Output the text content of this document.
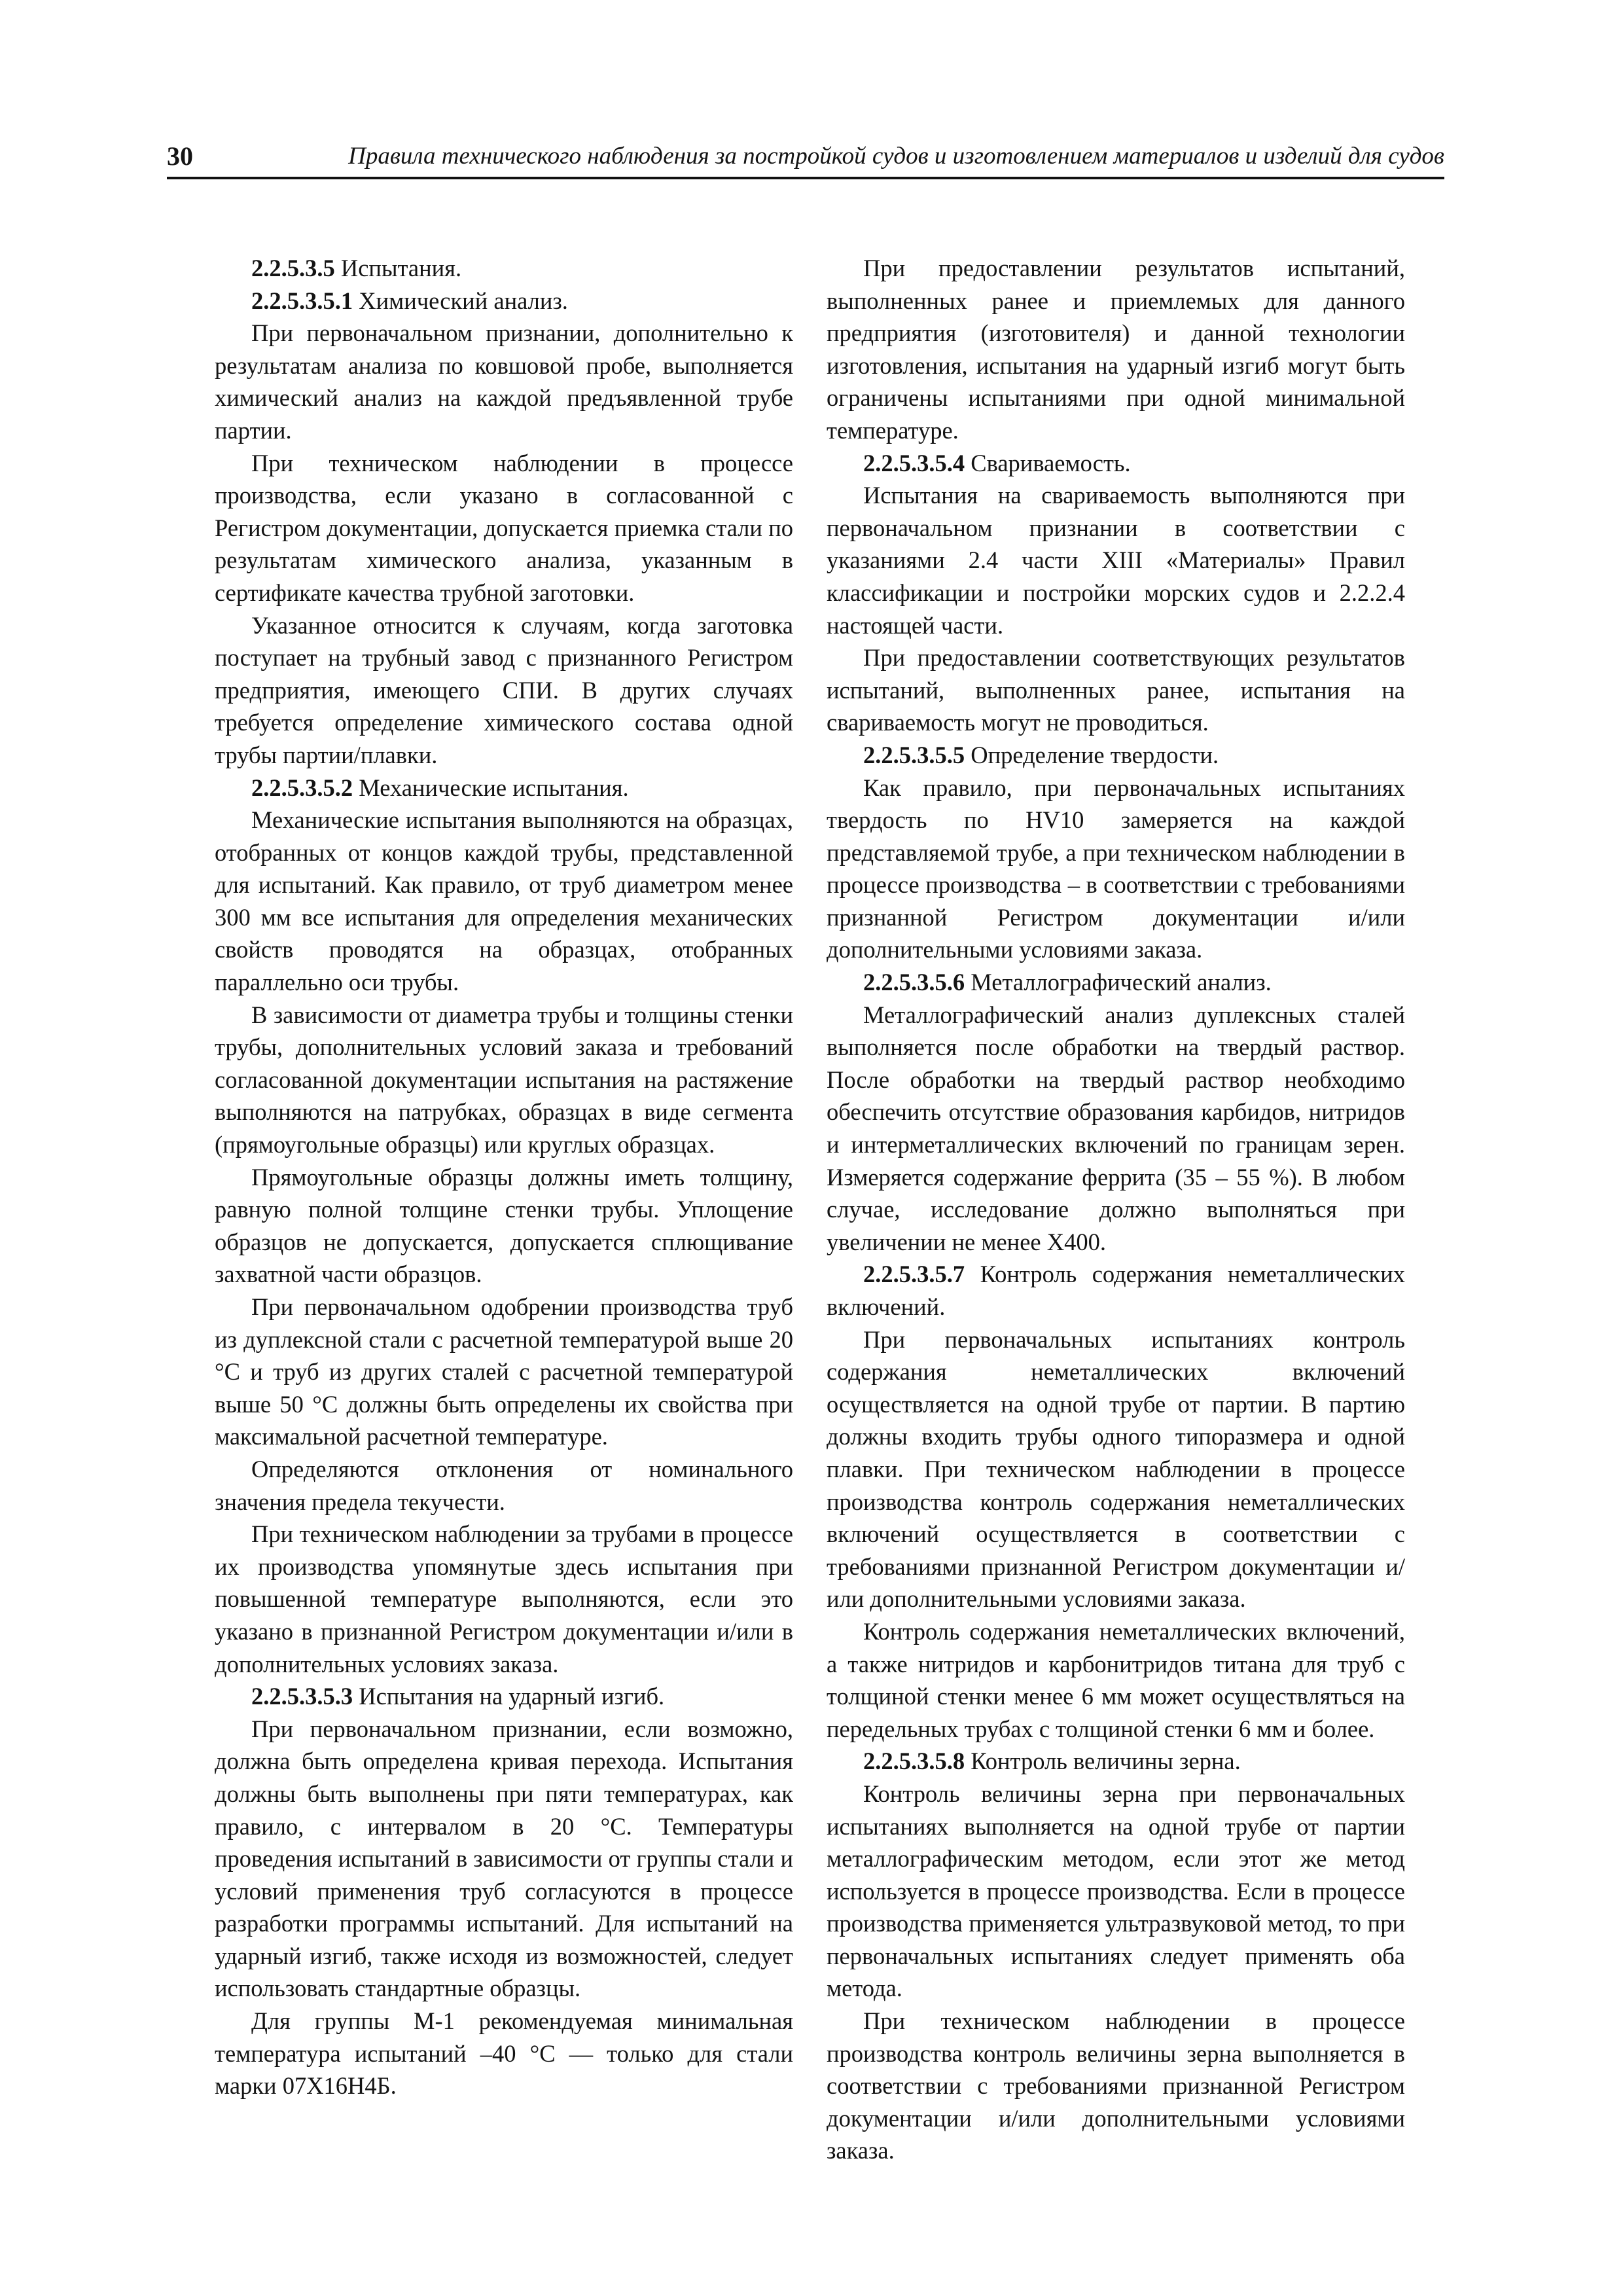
30	Правила технического наблюдения за постройкой судов и изготовлением материалов и изделий для судов

2.2.5.3.5 Испытания.

2.2.5.3.5.1 Химический анализ.

При первоначальном признании, дополнительно к результатам анализа по ковшовой пробе, выполняется химический анализ на каждой предъявленной трубе партии.

При техническом наблюдении в процессе производства, если указано в согласованной с Регистром документации, допускается приемка стали по результатам химического анализа, указанным в сертификате качества трубной заготовки.

Указанное относится к случаям, когда заготовка поступает на трубный завод с признанного Регистром предприятия, имеющего СПИ. В других случаях требуется определение химического состава одной трубы партии/плавки.

2.2.5.3.5.2 Механические испытания.

Механические испытания выполняются на образцах, отобранных от концов каждой трубы, представленной для испытаний. Как правило, от труб диаметром менее 300 мм все испытания для определения механических свойств проводятся на образцах, отобранных параллельно оси трубы.

В зависимости от диаметра трубы и толщины стенки трубы, дополнительных условий заказа и требований согласованной документации испытания на растяжение выполняются на патрубках, образцах в виде сегмента (прямоугольные образцы) или круглых образцах.

Прямоугольные образцы должны иметь толщину, равную полной толщине стенки трубы. Уплощение образцов не допускается, допускается сплющивание захватной части образцов.

При первоначальном одобрении производства труб из дуплексной стали с расчетной температурой выше 20 °С и труб из других сталей с расчетной температурой выше 50 °С должны быть определены их свойства при максимальной расчетной температуре.

Определяются отклонения от номинального значения предела текучести.

При техническом наблюдении за трубами в процессе их производства упомянутые здесь испытания при повышенной температуре выполняются, если это указано в признанной Регистром документации и/или в дополнительных условиях заказа.

2.2.5.3.5.3 Испытания на ударный изгиб.

При первоначальном признании, если возможно, должна быть определена кривая перехода. Испытания должны быть выполнены при пяти температурах, как правило, с интервалом в 20 °С. Температуры проведения испытаний в зависимости от группы стали и условий применения труб согласуются в процессе разработки программы испытаний. Для испытаний на ударный изгиб, также исходя из возможностей, следует использовать стандартные образцы.

Для группы М-1 рекомендуемая минимальная температура испытаний –40 °С — только для стали марки 07Х16Н4Б.

При предоставлении результатов испытаний, выполненных ранее и приемлемых для данного предприятия (изготовителя) и данной технологии изготовления, испытания на ударный изгиб могут быть ограничены испытаниями при одной минимальной температуре.

2.2.5.3.5.4 Свариваемость.

Испытания на свариваемость выполняются при первоначальном признании в соответствии с указаниями 2.4 части XIII «Материалы» Правил классификации и постройки морских судов и 2.2.2.4 настоящей части.

При предоставлении соответствующих результатов испытаний, выполненных ранее, испытания на свариваемость могут не проводиться.

2.2.5.3.5.5 Определение твердости.

Как правило, при первоначальных испытаниях твердость по HV10 замеряется на каждой представляемой трубе, а при техническом наблюдении в процессе производства – в соответствии с требованиями признанной Регистром документации и/или дополнительными условиями заказа.

2.2.5.3.5.6 Металлографический анализ.

Металлографический анализ дуплексных сталей выполняется после обработки на твердый раствор. После обработки на твердый раствор необходимо обеспечить отсутствие образования карбидов, нитридов и интерметаллических включений по границам зерен. Измеряется содержание феррита (35 – 55 %). В любом случае, исследование должно выполняться при увеличении не менее Х400.

2.2.5.3.5.7 Контроль содержания неметаллических включений.

При первоначальных испытаниях контроль содержания неметаллических включений осуществляется на одной трубе от партии. В партию должны входить трубы одного типоразмера и одной плавки. При техническом наблюдении в процессе производства контроль содержания неметаллических включений осуществляется в соответствии с требованиями признанной Регистром документации и/или дополнительными условиями заказа.

Контроль содержания неметаллических включений, а также нитридов и карбонитридов титана для труб с толщиной стенки менее 6 мм может осуществляться на передельных трубах с толщиной стенки 6 мм и более.

2.2.5.3.5.8 Контроль величины зерна.

Контроль величины зерна при первоначальных испытаниях выполняется на одной трубе от партии металлографическим методом, если этот же метод используется в процессе производства. Если в процессе производства применяется ультразвуковой метод, то при первоначальных испытаниях следует применять оба метода.

При техническом наблюдении в процессе производства контроль величины зерна выполняется в соответствии с требованиями признанной Регистром документации и/или дополнительными условиями заказа.
